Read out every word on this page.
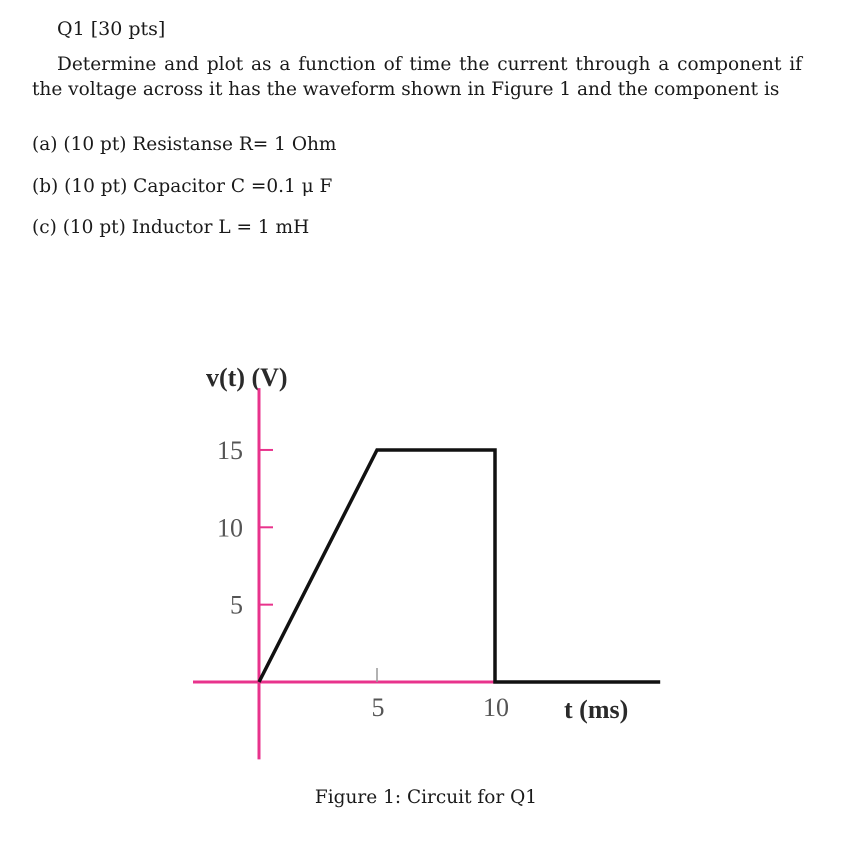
Q1 [30 pts]
Determine and plot as a function of time the current through a component if the voltage across it has the waveform shown in Figure 1 and the component is
(a) (10 pt) Resistanse R= 1 Ohm
(b) (10 pt) Capacitor C =0.1 μ F
(c) (10 pt) Inductor L = 1 mH
v(t) (V)
5
10
15
5	10 t (ms)
Figure 1: Circuit for Q1
